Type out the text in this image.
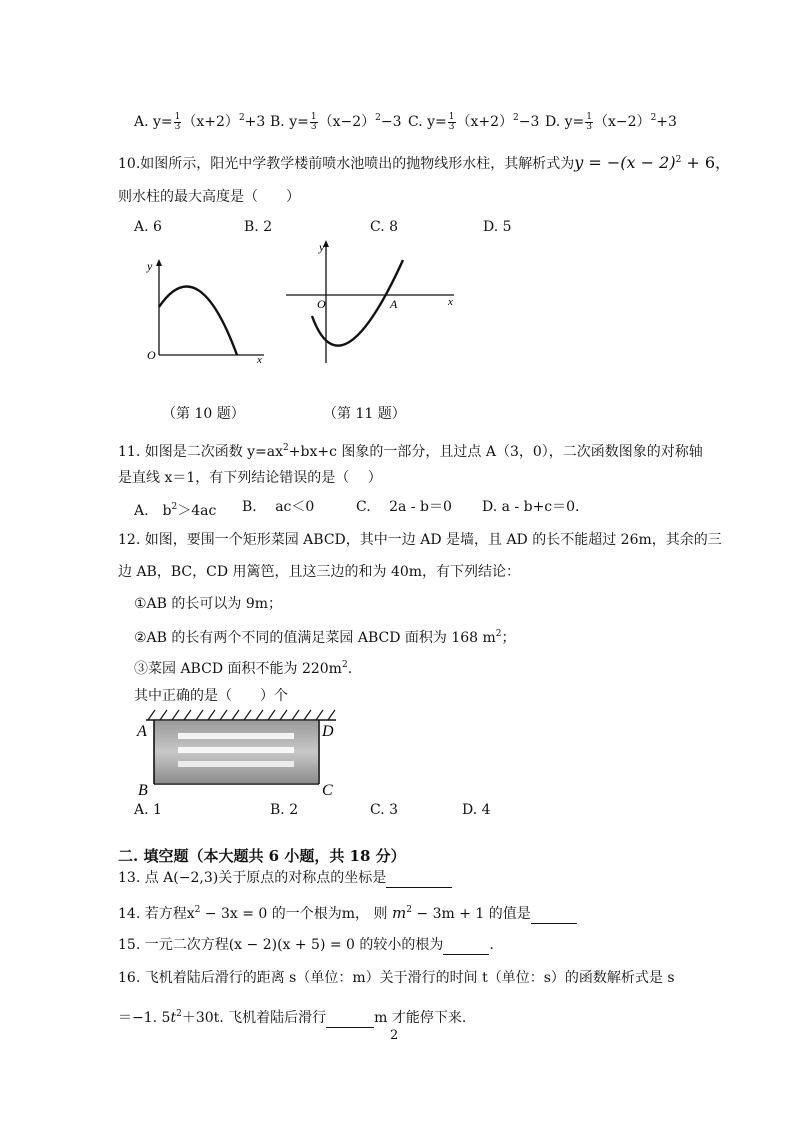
A. $y= \frac{1}{3} (x+2)^2+3$ B. $y= \frac{1}{3} (x-2)^2-3$ C. $y= \frac{1}{3} (x+2)^2-3$ D. $y= \frac{1}{3} (x-2)^2+3$
10.如图所示，阳光中学教学楼前喷水池喷出的抛物线形水柱，其解析式为$y = -(x - 2)^2 + 6$，
则水柱的最大高度是（　　）
A. 6	B. 2	C. 8	D. 5
y
x
O
y
x
O	A
（第 10 题）	（第 11 题）
11. 如图是二次函数 $y=ax^2+bx+c$ 图象的一部分，且过点 A（3，0），二次函数图象的对称轴
是直线 x＝1，有下列结论错误的是（　 ）
A.　$b^2>4ac$ B.　 ac＜0	C.　 2a - b＝0 D. a - b+c＝0.
12. 如图，要围一个矩形菜园 ABCD，其中一边 AD 是墙，且 AD 的长不能超过 26m，其余的三
边 AB，BC，CD 用篱笆，且这三边的和为 40m，有下列结论：
①AB 的长可以为 9m；
②AB 的长有两个不同的值满足菜园 ABCD 面积为 168 $m^2$；
③菜园 ABCD 面积不能为 $220m^2$.
其中正确的是（　　）个
A	D
B	C
A. 1	B. 2	C. 3	D. 4
二. 填空题（本大题共 6 小题，共 18 分）
13. 点 A(−2,3)关于原点的对称点的坐标是
14. 若方程$x^2 - 3x = 0$ 的一个根为m， 则 $m^2 - 3m + 1$ 的值是
15. 一元二次方程(x − 2)(x + 5) = 0 的较小的根为	.
16. 飞机着陆后滑行的距离 s（单位：m）关于滑行的时间 t（单位：s）的函数解析式是 s
＝−1. $5t^2+30t$. 飞机着陆后滑行	m 才能停下来.
2
